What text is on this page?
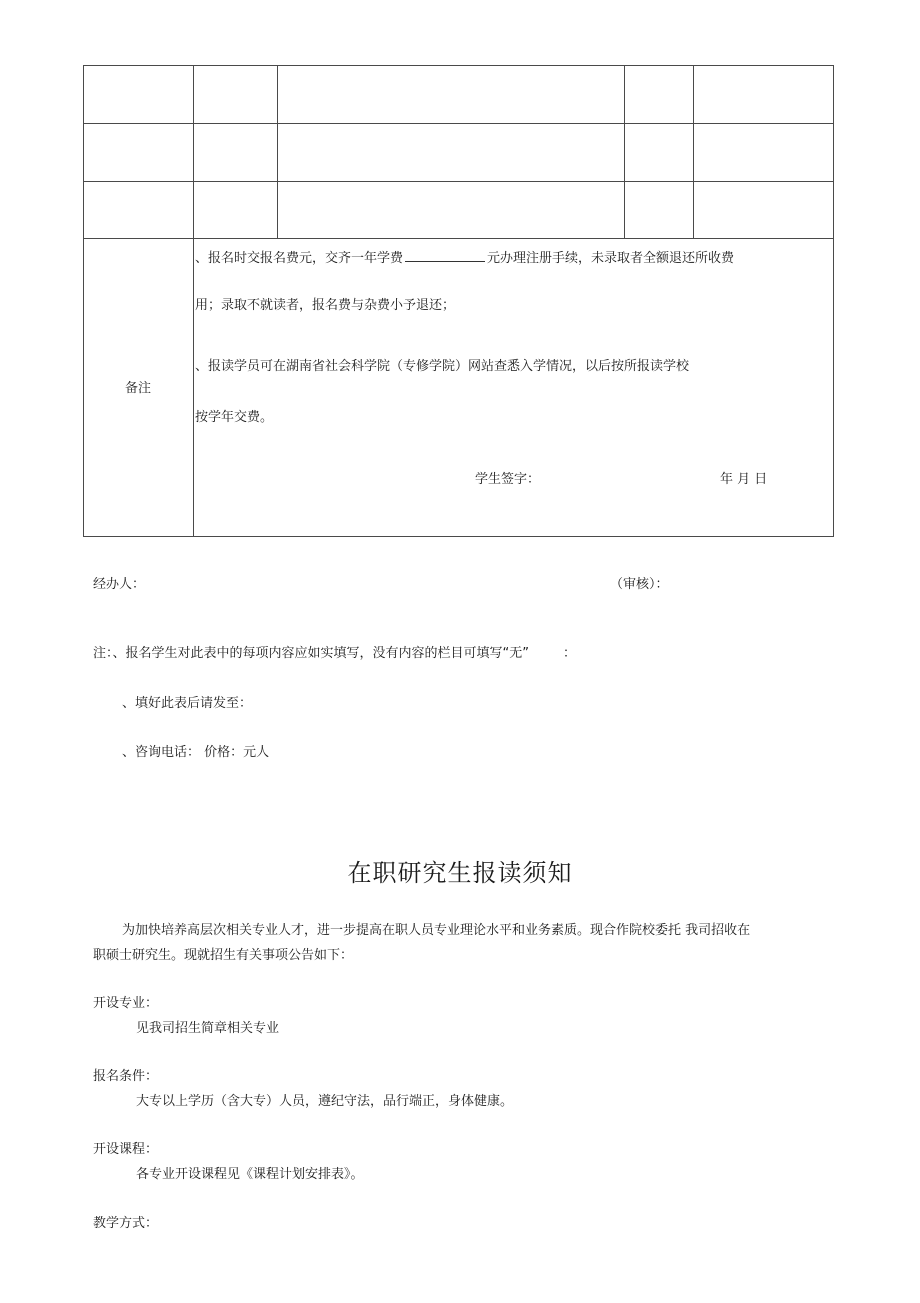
备注
、报名时交报名费元，交齐一年学费	元办理注册手续，未录取者全额退还所收费
用；录取不就读者，报名费与杂费小予退还；
、报读学员可在湖南省社会科学院（专修学院）网站查悉入学情况，以后按所报读学校
按学年交费。
学生签字：	年 月 日
经办人：	（审核）：
注：、报名学生对此表中的每项内容应如实填写，没有内容的栏目可填写“无”	：
、填好此表后请发至：
、咨询电话： 价格：元人
在职研究生报读须知
为加快培养高层次相关专业人才，进一步提高在职人员专业理论水平和业务素质。现合作院校委托 我司招收在
职硕士研究生。现就招生有关事项公告如下：
开设专业：
见我司招生简章相关专业
报名条件：
大专以上学历（含大专）人员，遵纪守法，品行端正，身体健康。
开设课程：
各专业开设课程见《课程计划安排表》。
教学方式：
